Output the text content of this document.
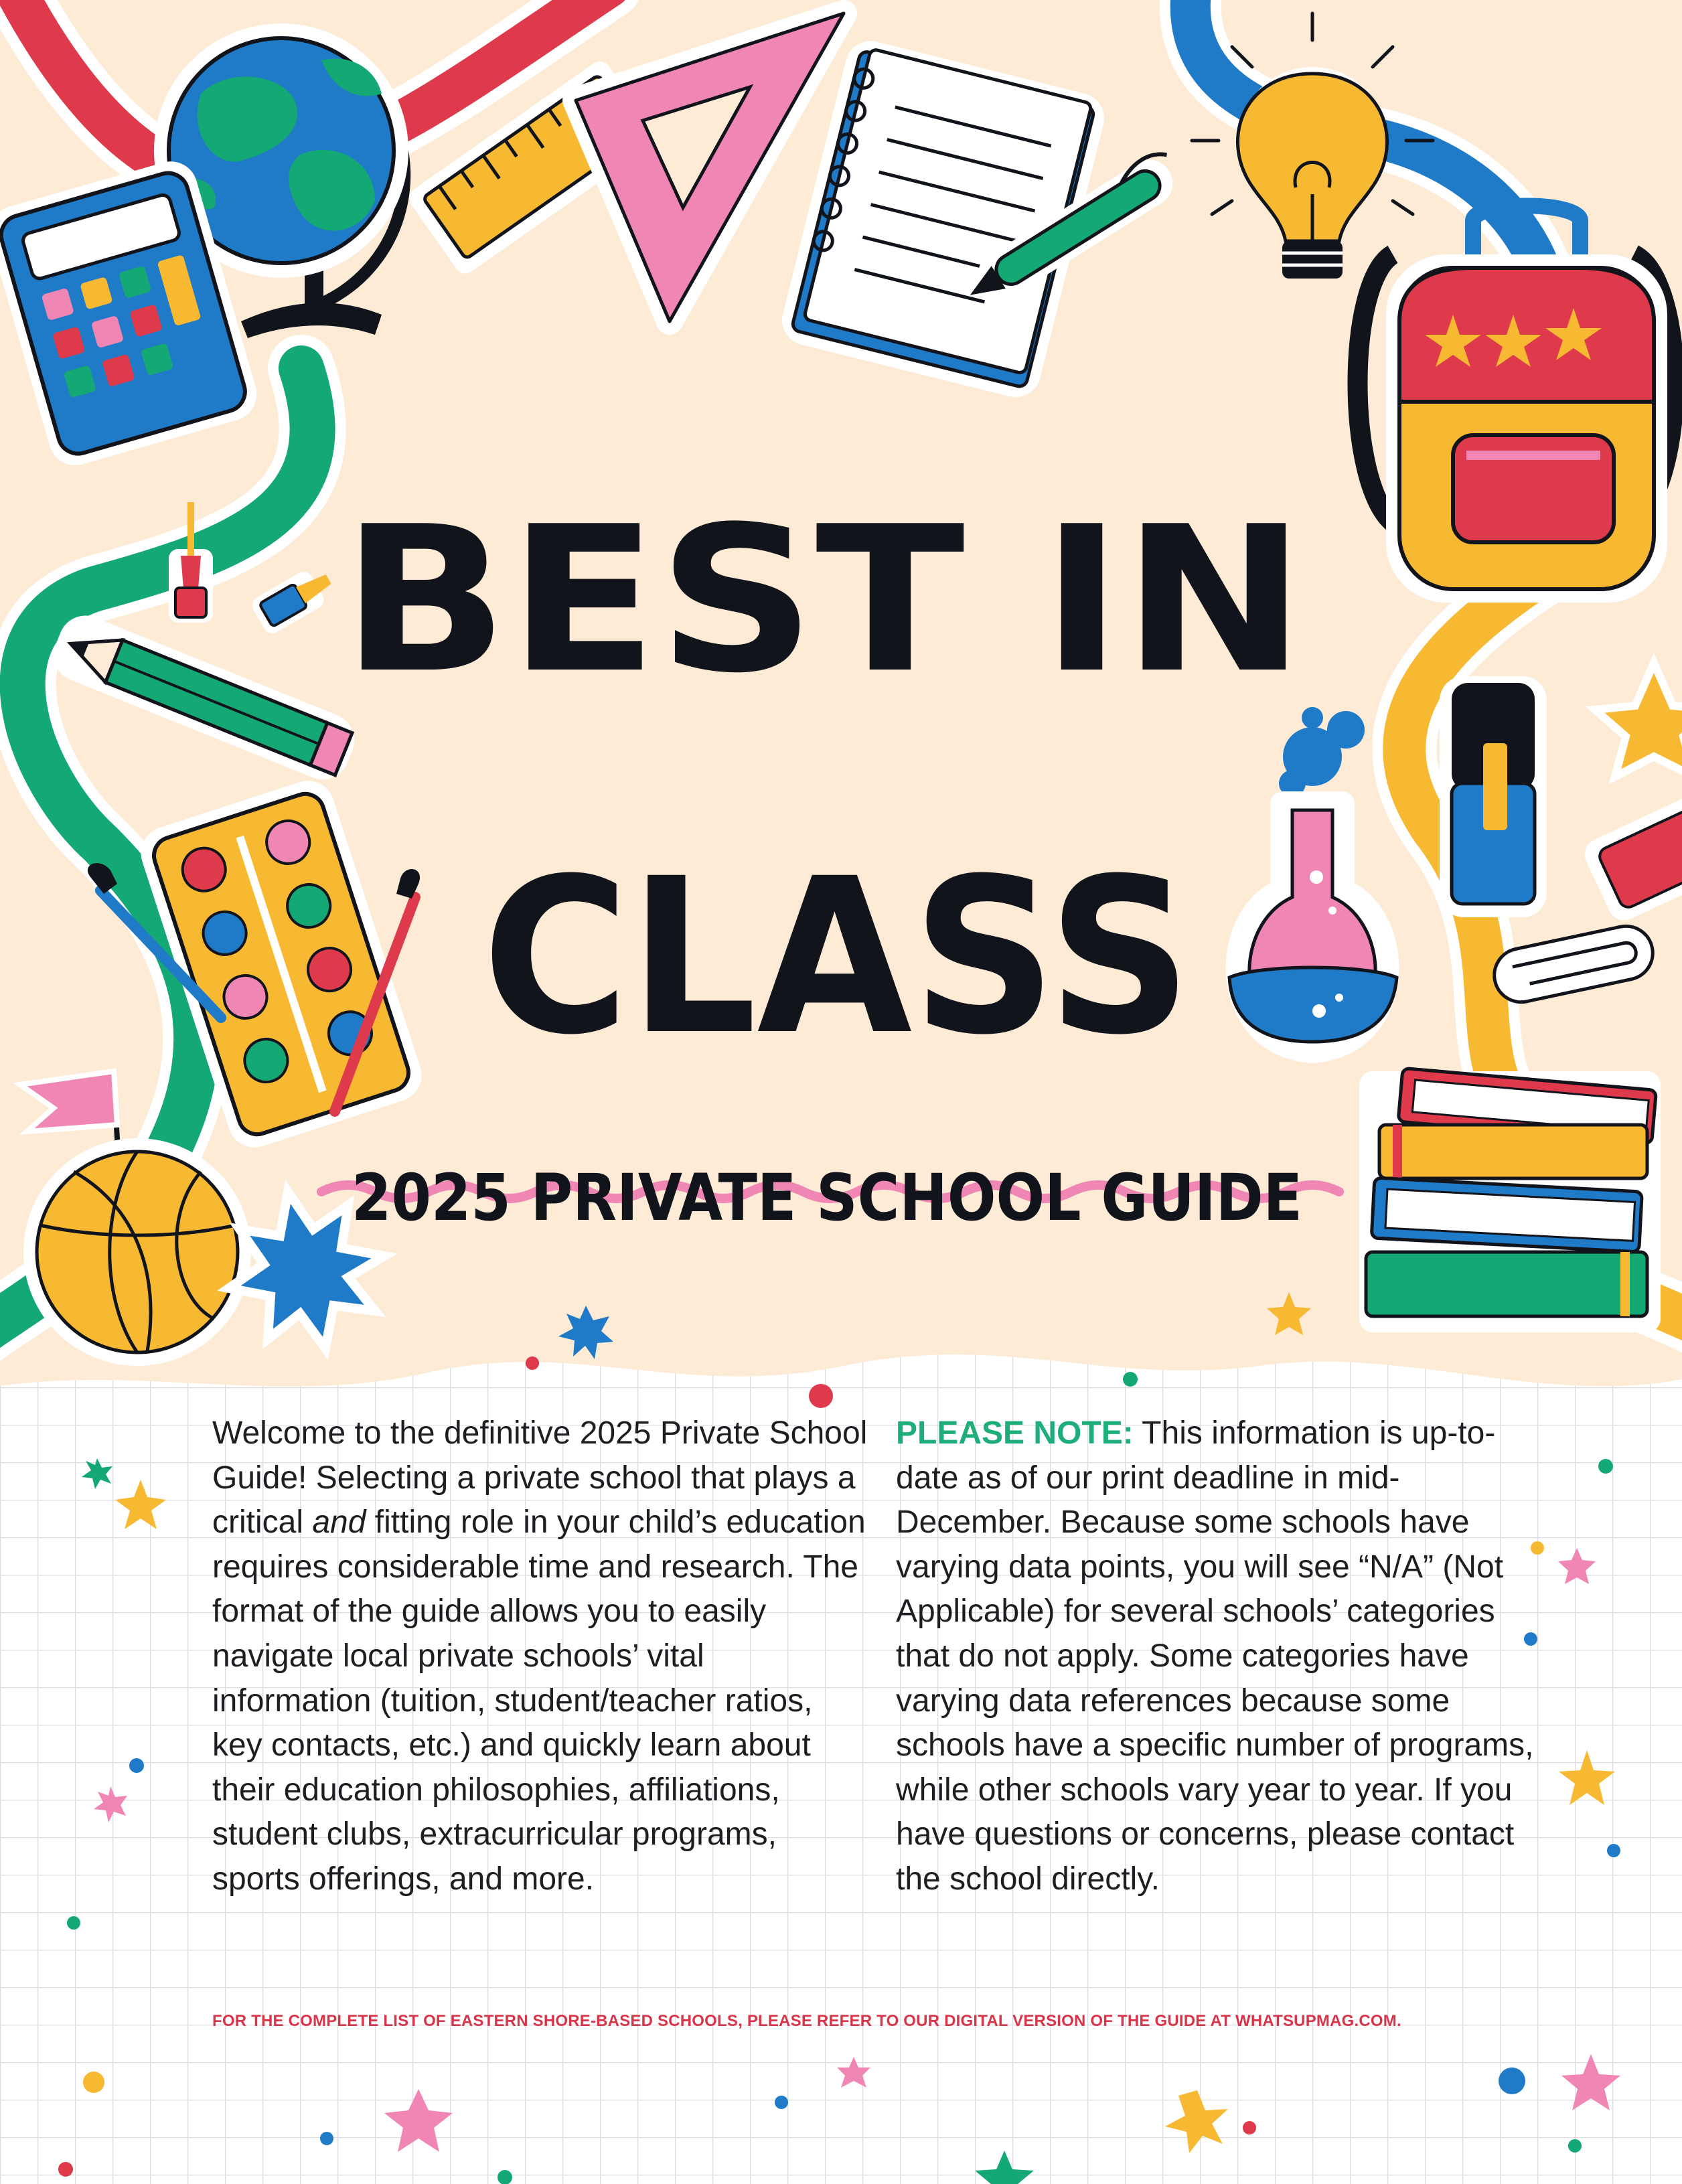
BEST IN
CLASS
2025 PRIVATE SCHOOL GUIDE

Welcome to the definitive 2025 Private School Guide! Selecting a private school that plays a critical and fitting role in your child’s education requires considerable time and research. The format of the guide allows you to easily navigate local private schools’ vital information (tuition, student/teacher ratios, key contacts, etc.) and quickly learn about their education philosophies, affiliations, student clubs, extracurricular programs, sports offerings, and more.

PLEASE NOTE: This information is up-to-date as of our print deadline in mid-December. Because some schools have varying data points, you will see “N/A” (Not Applicable) for several schools’ categories that do not apply. Some categories have varying data references because some schools have a specific number of programs, while other schools vary year to year. If you have questions or concerns, please contact the school directly.

FOR THE COMPLETE LIST OF EASTERN SHORE-BASED SCHOOLS, PLEASE REFER TO OUR DIGITAL VERSION OF THE GUIDE AT WHATSUPMAG.COM.
